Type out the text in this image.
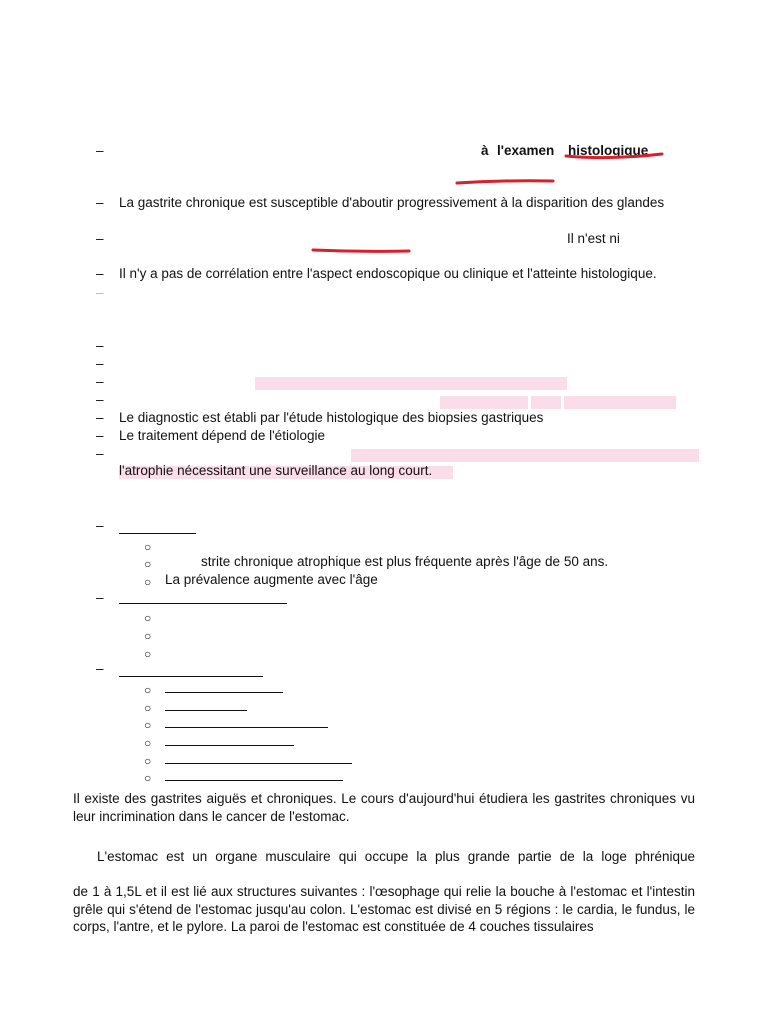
–	à l'examen histologique
– La gastrite chronique est susceptible d'aboutir progressivement à la disparition des glandes
–	Il n'est ni
– Il n'y a pas de corrélation entre l'aspect endoscopique ou clinique et l'atteinte histologique.
–
–
–
–
–
– Le diagnostic est établi par l'étude histologique des biopsies gastriques
– Le traitement dépend de l'étiologie
–
l'atrophie nécessitant une surveillance au long court.
–
○
○	strite chronique atrophique est plus fréquente après l'âge de 50 ans.
○ La prévalence augmente avec l'âge
–
○
○
○
–
○
○
○
○
○
○
Il existe des gastrites aiguës et chroniques. Le cours d'aujourd'hui étudiera les gastrites chroniques vu leur incrimination dans le cancer de l'estomac.
L'estomac est un organe musculaire qui occupe la plus grande partie de la loge phrénique
de 1 à 1,5L et il est lié aux structures suivantes : l'œsophage qui relie la bouche à l'estomac et l'intestin grêle qui s'étend de l'estomac jusqu'au colon. L'estomac est divisé en 5 régions : le cardia, le fundus, le corps, l'antre, et le pylore. La paroi de l'estomac est constituée de 4 couches tissulaires
